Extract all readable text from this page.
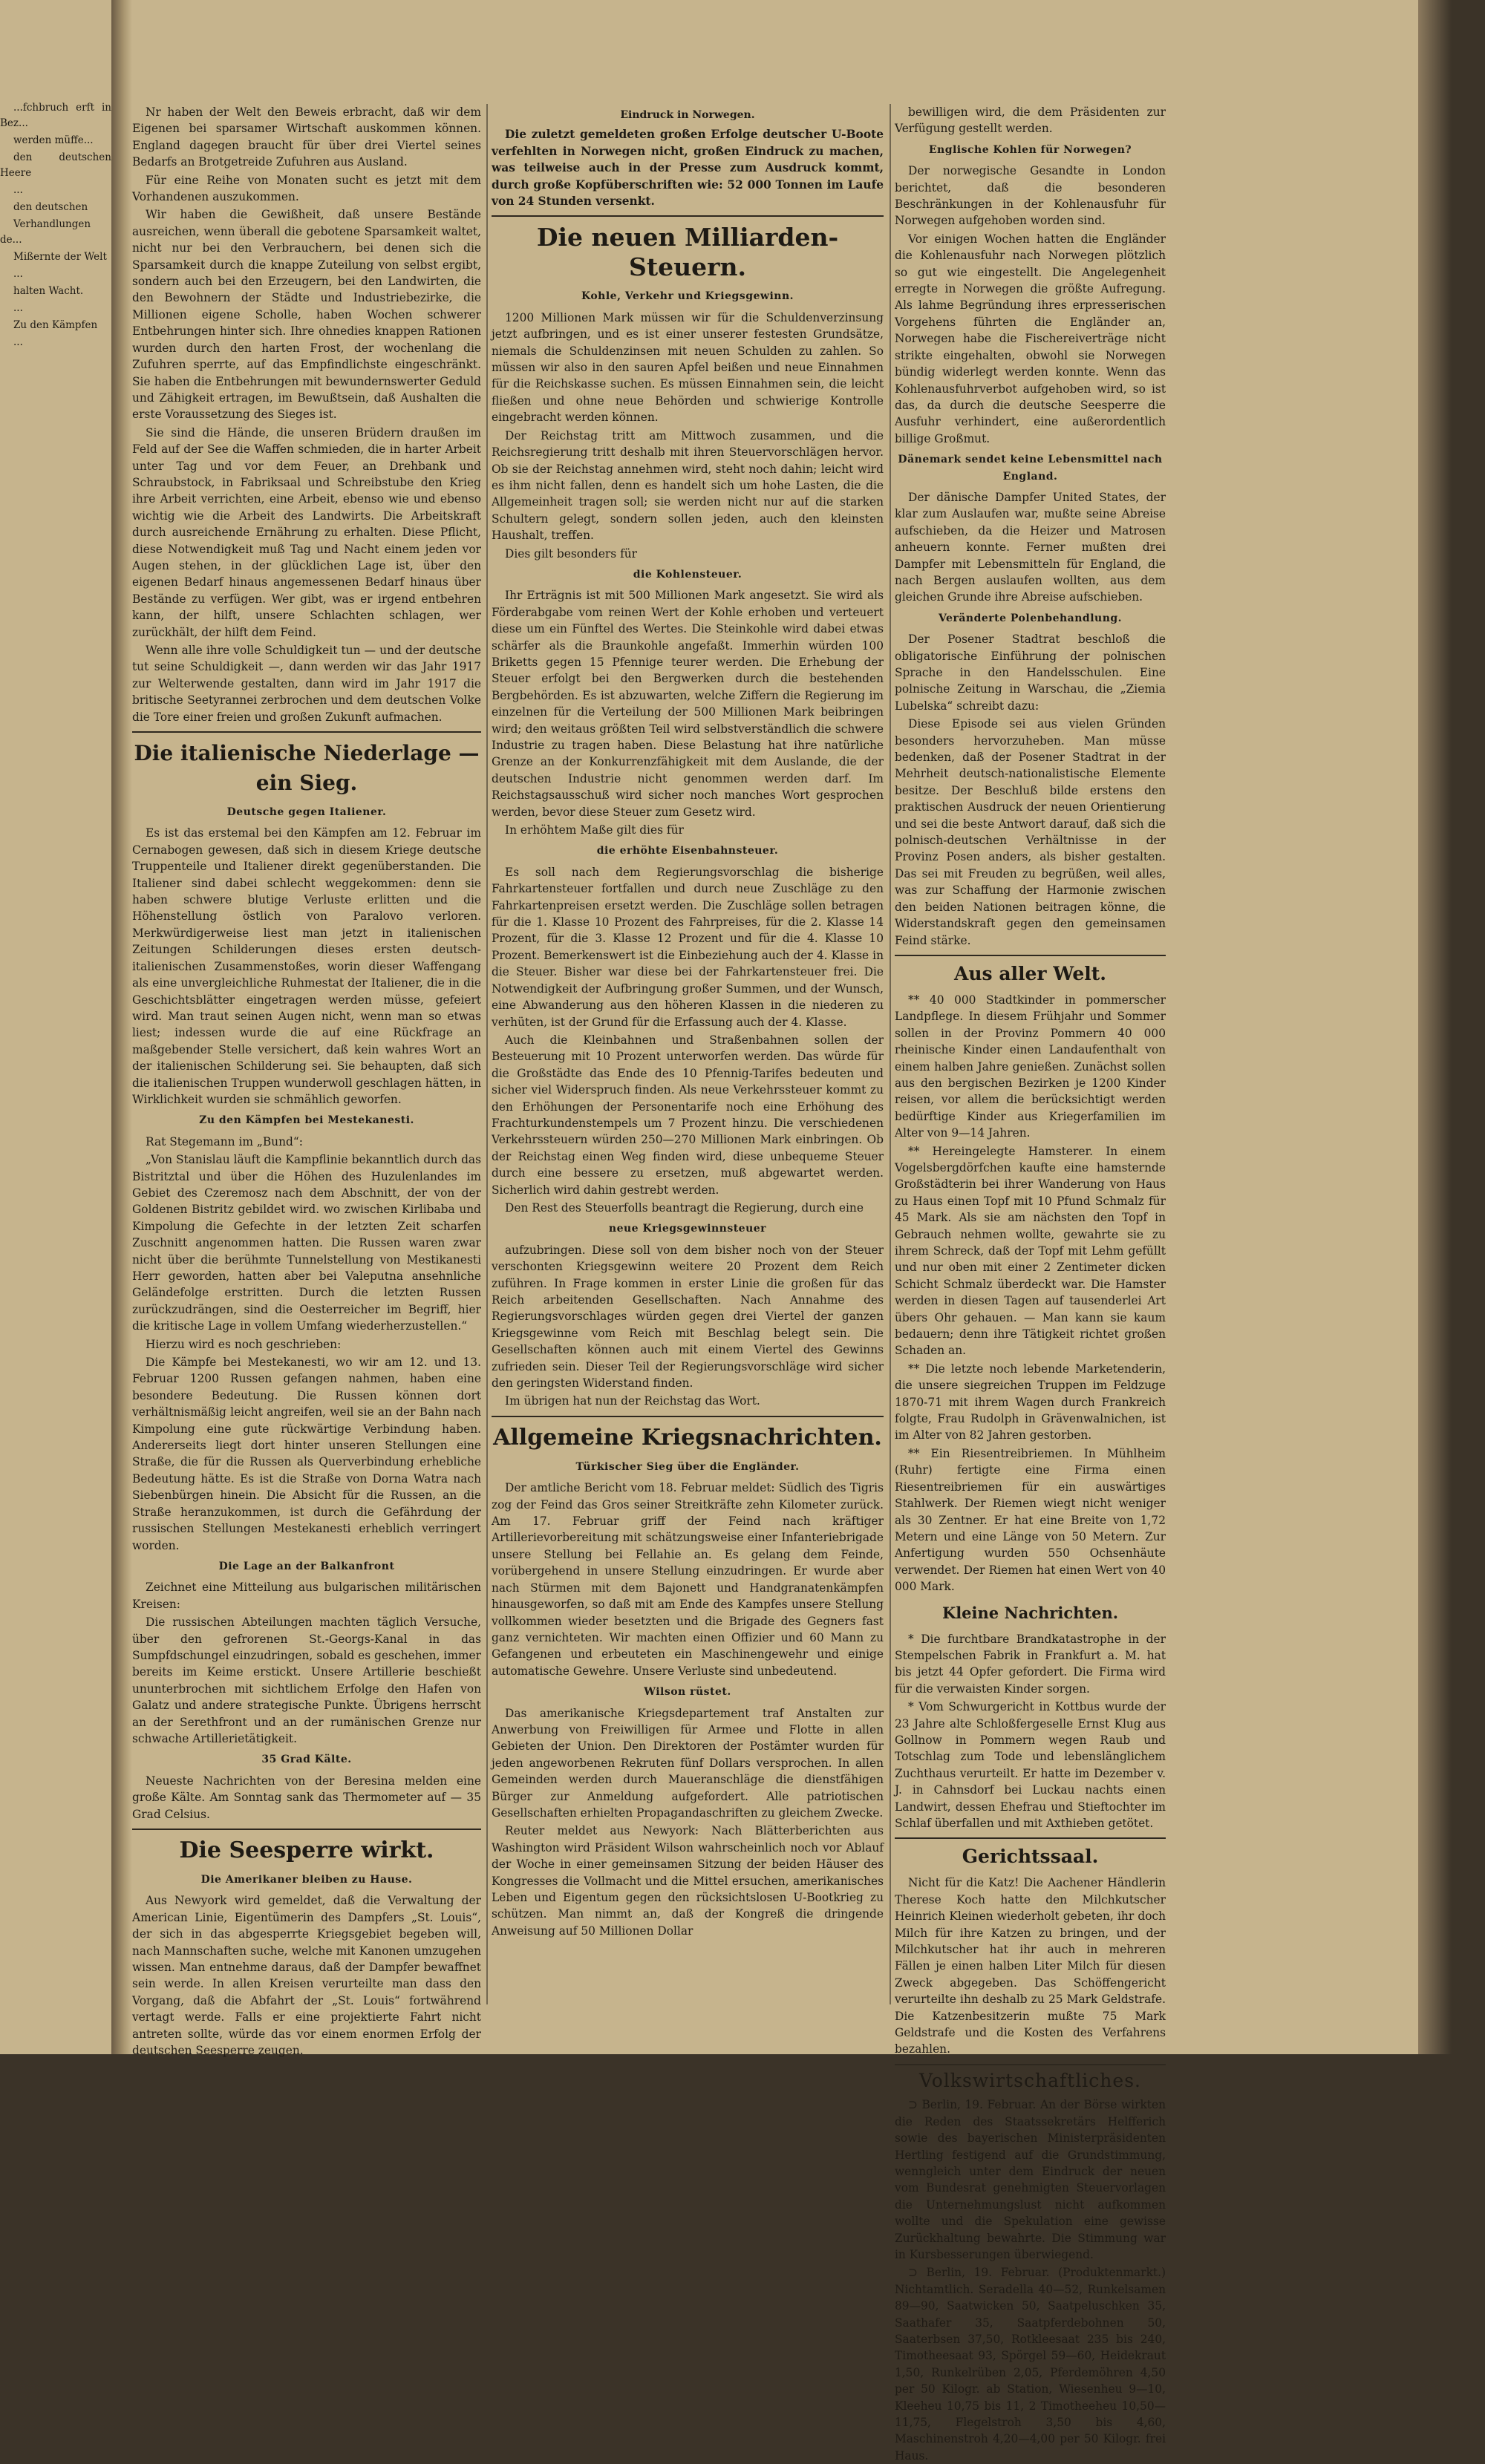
...fchbruch erft in Bez...

werden müffe...

den deutschen Heere

...

den deutschen

Verhandlungen de...

Mißernte der Welt

...

halten Wacht.

...

Zu den Kämpfen

...

Nr haben der Welt den Beweis erbracht, daß wir dem Eigenen bei sparsamer Wirtschaft auskommen können. England dagegen braucht für über drei Viertel seines Bedarfs an Brotgetreide Zufuhren aus Ausland.

Für eine Reihe von Monaten sucht es jetzt mit dem Vorhandenen auszukommen.

Wir haben die Gewißheit, daß unsere Bestände ausreichen, wenn überall die gebotene Sparsamkeit waltet, nicht nur bei den Verbrauchern, bei denen sich die Sparsamkeit durch die knappe Zuteilung von selbst ergibt, sondern auch bei den Erzeugern, bei den Landwirten, die den Bewohnern der Städte und Industriebezirke, die Millionen eigene Scholle, haben Wochen schwerer Entbehrungen hinter sich. Ihre ohnedies knappen Rationen wurden durch den harten Frost, der wochenlang die Zufuhren sperrte, auf das Empfindlichste eingeschränkt. Sie haben die Entbehrungen mit bewundernswerter Geduld und Zähigkeit ertragen, im Bewußtsein, daß Aushalten die erste Voraussetzung des Sieges ist.

Sie sind die Hände, die unseren Brüdern draußen im Feld auf der See die Waffen schmieden, die in harter Arbeit unter Tag und vor dem Feuer, an Drehbank und Schraubstock, in Fabriksaal und Schreibstube den Krieg ihre Arbeit verrichten, eine Arbeit, ebenso wie und ebenso wichtig wie die Arbeit des Landwirts. Die Arbeitskraft durch ausreichende Ernährung zu erhalten. Diese Pflicht, diese Notwendigkeit muß Tag und Nacht einem jeden vor Augen stehen, in der glücklichen Lage ist, über den eigenen Bedarf hinaus angemessenen Bedarf hinaus über Bestände zu verfügen. Wer gibt, was er irgend entbehren kann, der hilft, unsere Schlachten schlagen, wer zurückhält, der hilft dem Feind.

Wenn alle ihre volle Schuldigkeit tun — und der deutsche tut seine Schuldigkeit —, dann werden wir das Jahr 1917 zur Welterwende gestalten, dann wird im Jahr 1917 die britische Seetyrannei zerbrochen und dem deutschen Volke die Tore einer freien und großen Zukunft aufmachen.

Die italienische Niederlage — ein Sieg.
Deutsche gegen Italiener.

Es ist das erstemal bei den Kämpfen am 12. Februar im Cernabogen gewesen, daß sich in diesem Kriege deutsche Truppenteile und Italiener direkt gegenüberstanden. Die Italiener sind dabei schlecht weggekommen: denn sie haben schwere blutige Verluste erlitten und die Höhenstellung östlich von Paralovo verloren. Merkwürdigerweise liest man jetzt in italienischen Zeitungen Schilderungen dieses ersten deutsch-italienischen Zusammenstoßes, worin dieser Waffengang als eine unvergleichliche Ruhmestat der Italiener, die in die Geschichtsblätter eingetragen werden müsse, gefeiert wird. Man traut seinen Augen nicht, wenn man so etwas liest; indessen wurde die auf eine Rückfrage an maßgebender Stelle versichert, daß kein wahres Wort an der italienischen Schilderung sei. Sie behaupten, daß sich die italienischen Truppen wunderwoll geschlagen hätten, in Wirklichkeit wurden sie schmählich geworfen.

Zu den Kämpfen bei Mestekanesti.

Rat Stegemann im „Bund“:

„Von Stanislau läuft die Kampflinie bekanntlich durch das Bistritztal und über die Höhen des Huzulenlandes im Gebiet des Czeremosz nach dem Abschnitt, der von der Goldenen Bistritz gebildet wird. wo zwischen Kirlibaba und Kimpolung die Gefechte in der letzten Zeit scharfen Zuschnitt angenommen hatten. Die Russen waren zwar nicht über die berühmte Tunnelstellung von Mestikanesti Herr geworden, hatten aber bei Valeputna ansehnliche Geländefolge erstritten. Durch die letzten Russen zurückzudrängen, sind die Oesterreicher im Begriff, hier die kritische Lage in vollem Umfang wiederherzustellen.“

Hierzu wird es noch geschrieben:

Die Kämpfe bei Mestekanesti, wo wir am 12. und 13. Februar 1200 Russen gefangen nahmen, haben eine besondere Bedeutung. Die Russen können dort verhältnismäßig leicht angreifen, weil sie an der Bahn nach Kimpolung eine gute rückwärtige Verbindung haben. Andererseits liegt dort hinter unseren Stellungen eine Straße, die für die Russen als Querverbindung erhebliche Bedeutung hätte. Es ist die Straße von Dorna Watra nach Siebenbürgen hinein. Die Absicht für die Russen, an die Straße heranzukommen, ist durch die Gefährdung der russischen Stellungen Mestekanesti erheblich verringert worden.

Die Lage an der Balkanfront

Zeichnet eine Mitteilung aus bulgarischen militärischen Kreisen:

Die russischen Abteilungen machten täglich Versuche, über den gefrorenen St.-Georgs-Kanal in das Sumpfdschungel einzudringen, sobald es geschehen, immer bereits im Keime erstickt. Unsere Artillerie beschießt ununterbrochen mit sichtlichem Erfolge den Hafen von Galatz und andere strategische Punkte. Übrigens herrscht an der Serethfront und an der rumänischen Grenze nur schwache Artillerietätigkeit.

35 Grad Kälte.

Neueste Nachrichten von der Beresina melden eine große Kälte. Am Sonntag sank das Thermometer auf — 35 Grad Celsius.

Die Seesperre wirkt.
Die Amerikaner bleiben zu Hause.

Aus Newyork wird gemeldet, daß die Verwaltung der American Linie, Eigentümerin des Dampfers „St. Louis“, der sich in das abgesperrte Kriegsgebiet begeben will, nach Mannschaften suche, welche mit Kanonen umzugehen wissen. Man entnehme daraus, daß der Dampfer bewaffnet sein werde. In allen Kreisen verurteilte man dass den Vorgang, daß die Abfahrt der „St. Louis“ fortwährend vertagt werde. Falls er eine projektierte Fahrt nicht antreten sollte, würde das vor einem enormen Erfolg der deutschen Seesperre zeugen.

Eindruck in Norwegen.

Die zuletzt gemeldeten großen Erfolge deutscher U-Boote verfehlten in Norwegen nicht, großen Eindruck zu machen, was teilweise auch in der Presse zum Ausdruck kommt, durch große Kopfüberschriften wie: 52 000 Tonnen im Laufe von 24 Stunden versenkt.

Die neuen Milliarden-Steuern.
Kohle, Verkehr und Kriegsgewinn.

1200 Millionen Mark müssen wir für die Schuldenverzinsung jetzt aufbringen, und es ist einer unserer festesten Grundsätze, niemals die Schuldenzinsen mit neuen Schulden zu zahlen. So müssen wir also in den sauren Apfel beißen und neue Einnahmen für die Reichskasse suchen. Es müssen Einnahmen sein, die leicht fließen und ohne neue Behörden und schwierige Kontrolle eingebracht werden können.

Der Reichstag tritt am Mittwoch zusammen, und die Reichsregierung tritt deshalb mit ihren Steuervorschlägen hervor. Ob sie der Reichstag annehmen wird, steht noch dahin; leicht wird es ihm nicht fallen, denn es handelt sich um hohe Lasten, die die Allgemeinheit tragen soll; sie werden nicht nur auf die starken Schultern gelegt, sondern sollen jeden, auch den kleinsten Haushalt, treffen.

Dies gilt besonders für

die Kohlensteuer.

Ihr Erträgnis ist mit 500 Millionen Mark angesetzt. Sie wird als Förderabgabe vom reinen Wert der Kohle erhoben und verteuert diese um ein Fünftel des Wertes. Die Steinkohle wird dabei etwas schärfer als die Braunkohle angefaßt. Immerhin würden 100 Briketts gegen 15 Pfennige teurer werden. Die Erhebung der Steuer erfolgt bei den Bergwerken durch die bestehenden Bergbehörden. Es ist abzuwarten, welche Ziffern die Regierung im einzelnen für die Verteilung der 500 Millionen Mark beibringen wird; den weitaus größten Teil wird selbstverständlich die schwere Industrie zu tragen haben. Diese Belastung hat ihre natürliche Grenze an der Konkurrenzfähigkeit mit dem Auslande, die der deutschen Industrie nicht genommen werden darf. Im Reichstagsausschuß wird sicher noch manches Wort gesprochen werden, bevor diese Steuer zum Gesetz wird.

In erhöhtem Maße gilt dies für

die erhöhte Eisenbahnsteuer.

Es soll nach dem Regierungsvorschlag die bisherige Fahrkartensteuer fortfallen und durch neue Zuschläge zu den Fahrkartenpreisen ersetzt werden. Die Zuschläge sollen betragen für die 1. Klasse 10 Prozent des Fahrpreises, für die 2. Klasse 14 Prozent, für die 3. Klasse 12 Prozent und für die 4. Klasse 10 Prozent. Bemerkenswert ist die Einbeziehung auch der 4. Klasse in die Steuer. Bisher war diese bei der Fahrkartensteuer frei. Die Notwendigkeit der Aufbringung großer Summen, und der Wunsch, eine Abwanderung aus den höheren Klassen in die niederen zu verhüten, ist der Grund für die Erfassung auch der 4. Klasse.

Auch die Kleinbahnen und Straßenbahnen sollen der Besteuerung mit 10 Prozent unterworfen werden. Das würde für die Großstädte das Ende des 10 Pfennig-Tarifes bedeuten und sicher viel Widerspruch finden. Als neue Verkehrssteuer kommt zu den Erhöhungen der Personentarife noch eine Erhöhung des Frachturkundenstempels um 7 Prozent hinzu. Die verschiedenen Verkehrssteuern würden 250—270 Millionen Mark einbringen. Ob der Reichstag einen Weg finden wird, diese unbequeme Steuer durch eine bessere zu ersetzen, muß abgewartet werden. Sicherlich wird dahin gestrebt werden.

Den Rest des Steuerfolls beantragt die Regierung, durch eine

neue Kriegsgewinnsteuer

aufzubringen. Diese soll von dem bisher noch von der Steuer verschonten Kriegsgewinn weitere 20 Prozent dem Reich zuführen. In Frage kommen in erster Linie die großen für das Reich arbeitenden Gesellschaften. Nach Annahme des Regierungsvorschlages würden gegen drei Viertel der ganzen Kriegsgewinne vom Reich mit Beschlag belegt sein. Die Gesellschaften können auch mit einem Viertel des Gewinns zufrieden sein. Dieser Teil der Regierungsvorschläge wird sicher den geringsten Widerstand finden.

Im übrigen hat nun der Reichstag das Wort.

Allgemeine Kriegsnachrichten.
Türkischer Sieg über die Engländer.

Der amtliche Bericht vom 18. Februar meldet: Südlich des Tigris zog der Feind das Gros seiner Streitkräfte zehn Kilometer zurück. Am 17. Februar griff der Feind nach kräftiger Artillerievorbereitung mit schätzungsweise einer Infanteriebrigade unsere Stellung bei Fellahie an. Es gelang dem Feinde, vorübergehend in unsere Stellung einzudringen. Er wurde aber nach Stürmen mit dem Bajonett und Handgranatenkämpfen hinausgeworfen, so daß mit am Ende des Kampfes unsere Stellung vollkommen wieder besetzten und die Brigade des Gegners fast ganz vernichteten. Wir machten einen Offizier und 60 Mann zu Gefangenen und erbeuteten ein Maschinengewehr und einige automatische Gewehre. Unsere Verluste sind unbedeutend.

Wilson rüstet.

Das amerikanische Kriegsdepartement traf Anstalten zur Anwerbung von Freiwilligen für Armee und Flotte in allen Gebieten der Union. Den Direktoren der Postämter wurden für jeden angeworbenen Rekruten fünf Dollars versprochen. In allen Gemeinden werden durch Maueranschläge die dienstfähigen Bürger zur Anmeldung aufgefordert. Alle patriotischen Gesellschaften erhielten Propagandaschriften zu gleichem Zwecke.

Reuter meldet aus Newyork: Nach Blätterberichten aus Washington wird Präsident Wilson wahrscheinlich noch vor Ablauf der Woche in einer gemeinsamen Sitzung der beiden Häuser des Kongresses die Vollmacht und die Mittel ersuchen, amerikanisches Leben und Eigentum gegen den rücksichtslosen U-Bootkrieg zu schützen. Man nimmt an, daß der Kongreß die dringende Anweisung auf 50 Millionen Dollar

bewilligen wird, die dem Präsidenten zur Verfügung gestellt werden.

Englische Kohlen für Norwegen?

Der norwegische Gesandte in London berichtet, daß die besonderen Beschränkungen in der Kohlenausfuhr für Norwegen aufgehoben worden sind.

Vor einigen Wochen hatten die Engländer die Kohlenausfuhr nach Norwegen plötzlich so gut wie eingestellt. Die Angelegenheit erregte in Norwegen die größte Aufregung. Als lahme Begründung ihres erpresserischen Vorgehens führten die Engländer an, Norwegen habe die Fischereiverträge nicht strikte eingehalten, obwohl sie Norwegen bündig widerlegt werden konnte. Wenn das Kohlenausfuhrverbot aufgehoben wird, so ist das, da durch die deutsche Seesperre die Ausfuhr verhindert, eine außerordentlich billige Großmut.

Dänemark sendet keine Lebensmittel nach England.

Der dänische Dampfer United States, der klar zum Auslaufen war, mußte seine Abreise aufschieben, da die Heizer und Matrosen anheuern konnte. Ferner mußten drei Dampfer mit Lebensmitteln für England, die nach Bergen auslaufen wollten, aus dem gleichen Grunde ihre Abreise aufschieben.

Veränderte Polenbehandlung.

Der Posener Stadtrat beschloß die obligatorische Einführung der polnischen Sprache in den Handelsschulen. Eine polnische Zeitung in Warschau, die „Ziemia Lubelska“ schreibt dazu:

Diese Episode sei aus vielen Gründen besonders hervorzuheben. Man müsse bedenken, daß der Posener Stadtrat in der Mehrheit deutsch-nationalistische Elemente besitze. Der Beschluß bilde erstens den praktischen Ausdruck der neuen Orientierung und sei die beste Antwort darauf, daß sich die polnisch-deutschen Verhältnisse in der Provinz Posen anders, als bisher gestalten. Das sei mit Freuden zu begrüßen, weil alles, was zur Schaffung der Harmonie zwischen den beiden Nationen beitragen könne, die Widerstandskraft gegen den gemeinsamen Feind stärke.

Aus aller Welt.

** 40 000 Stadtkinder in pommerscher Landpflege. In diesem Frühjahr und Sommer sollen in der Provinz Pommern 40 000 rheinische Kinder einen Landaufenthalt von einem halben Jahre genießen. Zunächst sollen aus den bergischen Bezirken je 1200 Kinder reisen, vor allem die berücksichtigt werden bedürftige Kinder aus Kriegerfamilien im Alter von 9—14 Jahren.

** Hereingelegte Hamsterer. In einem Vogelsbergdörfchen kaufte eine hamsternde Großstädterin bei ihrer Wanderung von Haus zu Haus einen Topf mit 10 Pfund Schmalz für 45 Mark. Als sie am nächsten den Topf in Gebrauch nehmen wollte, gewahrte sie zu ihrem Schreck, daß der Topf mit Lehm gefüllt und nur oben mit einer 2 Zentimeter dicken Schicht Schmalz überdeckt war. Die Hamster werden in diesen Tagen auf tausenderlei Art übers Ohr gehauen. — Man kann sie kaum bedauern; denn ihre Tätigkeit richtet großen Schaden an.

** Die letzte noch lebende Marketenderin, die unsere siegreichen Truppen im Feldzuge 1870-71 mit ihrem Wagen durch Frankreich folgte, Frau Rudolph in Grävenwalnichen, ist im Alter von 82 Jahren gestorben.

** Ein Riesentreibriemen. In Mühlheim (Ruhr) fertigte eine Firma einen Riesentreibriemen für ein auswärtiges Stahlwerk. Der Riemen wiegt nicht weniger als 30 Zentner. Er hat eine Breite von 1,72 Metern und eine Länge von 50 Metern. Zur Anfertigung wurden 550 Ochsenhäute verwendet. Der Riemen hat einen Wert von 40 000 Mark.

Kleine Nachrichten.

* Die furchtbare Brandkatastrophe in der Stempelschen Fabrik in Frankfurt a. M. hat bis jetzt 44 Opfer gefordert. Die Firma wird für die verwaisten Kinder sorgen.

* Vom Schwurgericht in Kottbus wurde der 23 Jahre alte Schloßfergeselle Ernst Klug aus Gollnow in Pommern wegen Raub und Totschlag zum Tode und lebenslänglichem Zuchthaus verurteilt. Er hatte im Dezember v. J. in Cahnsdorf bei Luckau nachts einen Landwirt, dessen Ehefrau und Stieftochter im Schlaf überfallen und mit Axthieben getötet.

Gerichtssaal.

Nicht für die Katz! Die Aachener Händlerin Therese Koch hatte den Milchkutscher Heinrich Kleinen wiederholt gebeten, ihr doch Milch für ihre Katzen zu bringen, und der Milchkutscher hat ihr auch in mehreren Fällen je einen halben Liter Milch für diesen Zweck abgegeben. Das Schöffengericht verurteilte ihn deshalb zu 25 Mark Geldstrafe. Die Katzenbesitzerin mußte 75 Mark Geldstrafe und die Kosten des Verfahrens bezahlen.

Volkswirtschaftliches.

⊃ Berlin, 19. Februar. An der Börse wirkten die Reden des Staatssekretärs Helfferich sowie des bayerischen Ministerpräsidenten Hertling festigend auf die Grundstimmung, wenngleich unter dem Eindruck der neuen vom Bundesrat genehmigten Steuervorlagen die Unternehmungslust nicht aufkommen wollte und die Spekulation eine gewisse Zurückhaltung bewahrte. Die Stimmung war in Kursbesserungen überwiegend.

⊃ Berlin, 19. Februar. (Produktenmarkt.) Nichtamtlich. Seradella 40—52, Runkelsamen 89—90, Saatwicken 50, Saatpeluschken 35, Saathafer 35, Saatpferdebohnen 50, Saaterbsen 37,50, Rotkleesaat 235 bis 240, Timotheesaat 93, Spörgel 59—60, Heidekraut 1,50, Runkelrüben 2,05, Pferdemöhren 4,50 per 50 Kilogr. ab Station, Wiesenheu 9—10, Kleeheu 10,75 bis 11, 2 Timotheeheu 10,50—11,75, Flegelstroh 3,50 bis 4,60, Maschinenstroh 4,20—4,00 per 50 Kilogr. frei Haus.
